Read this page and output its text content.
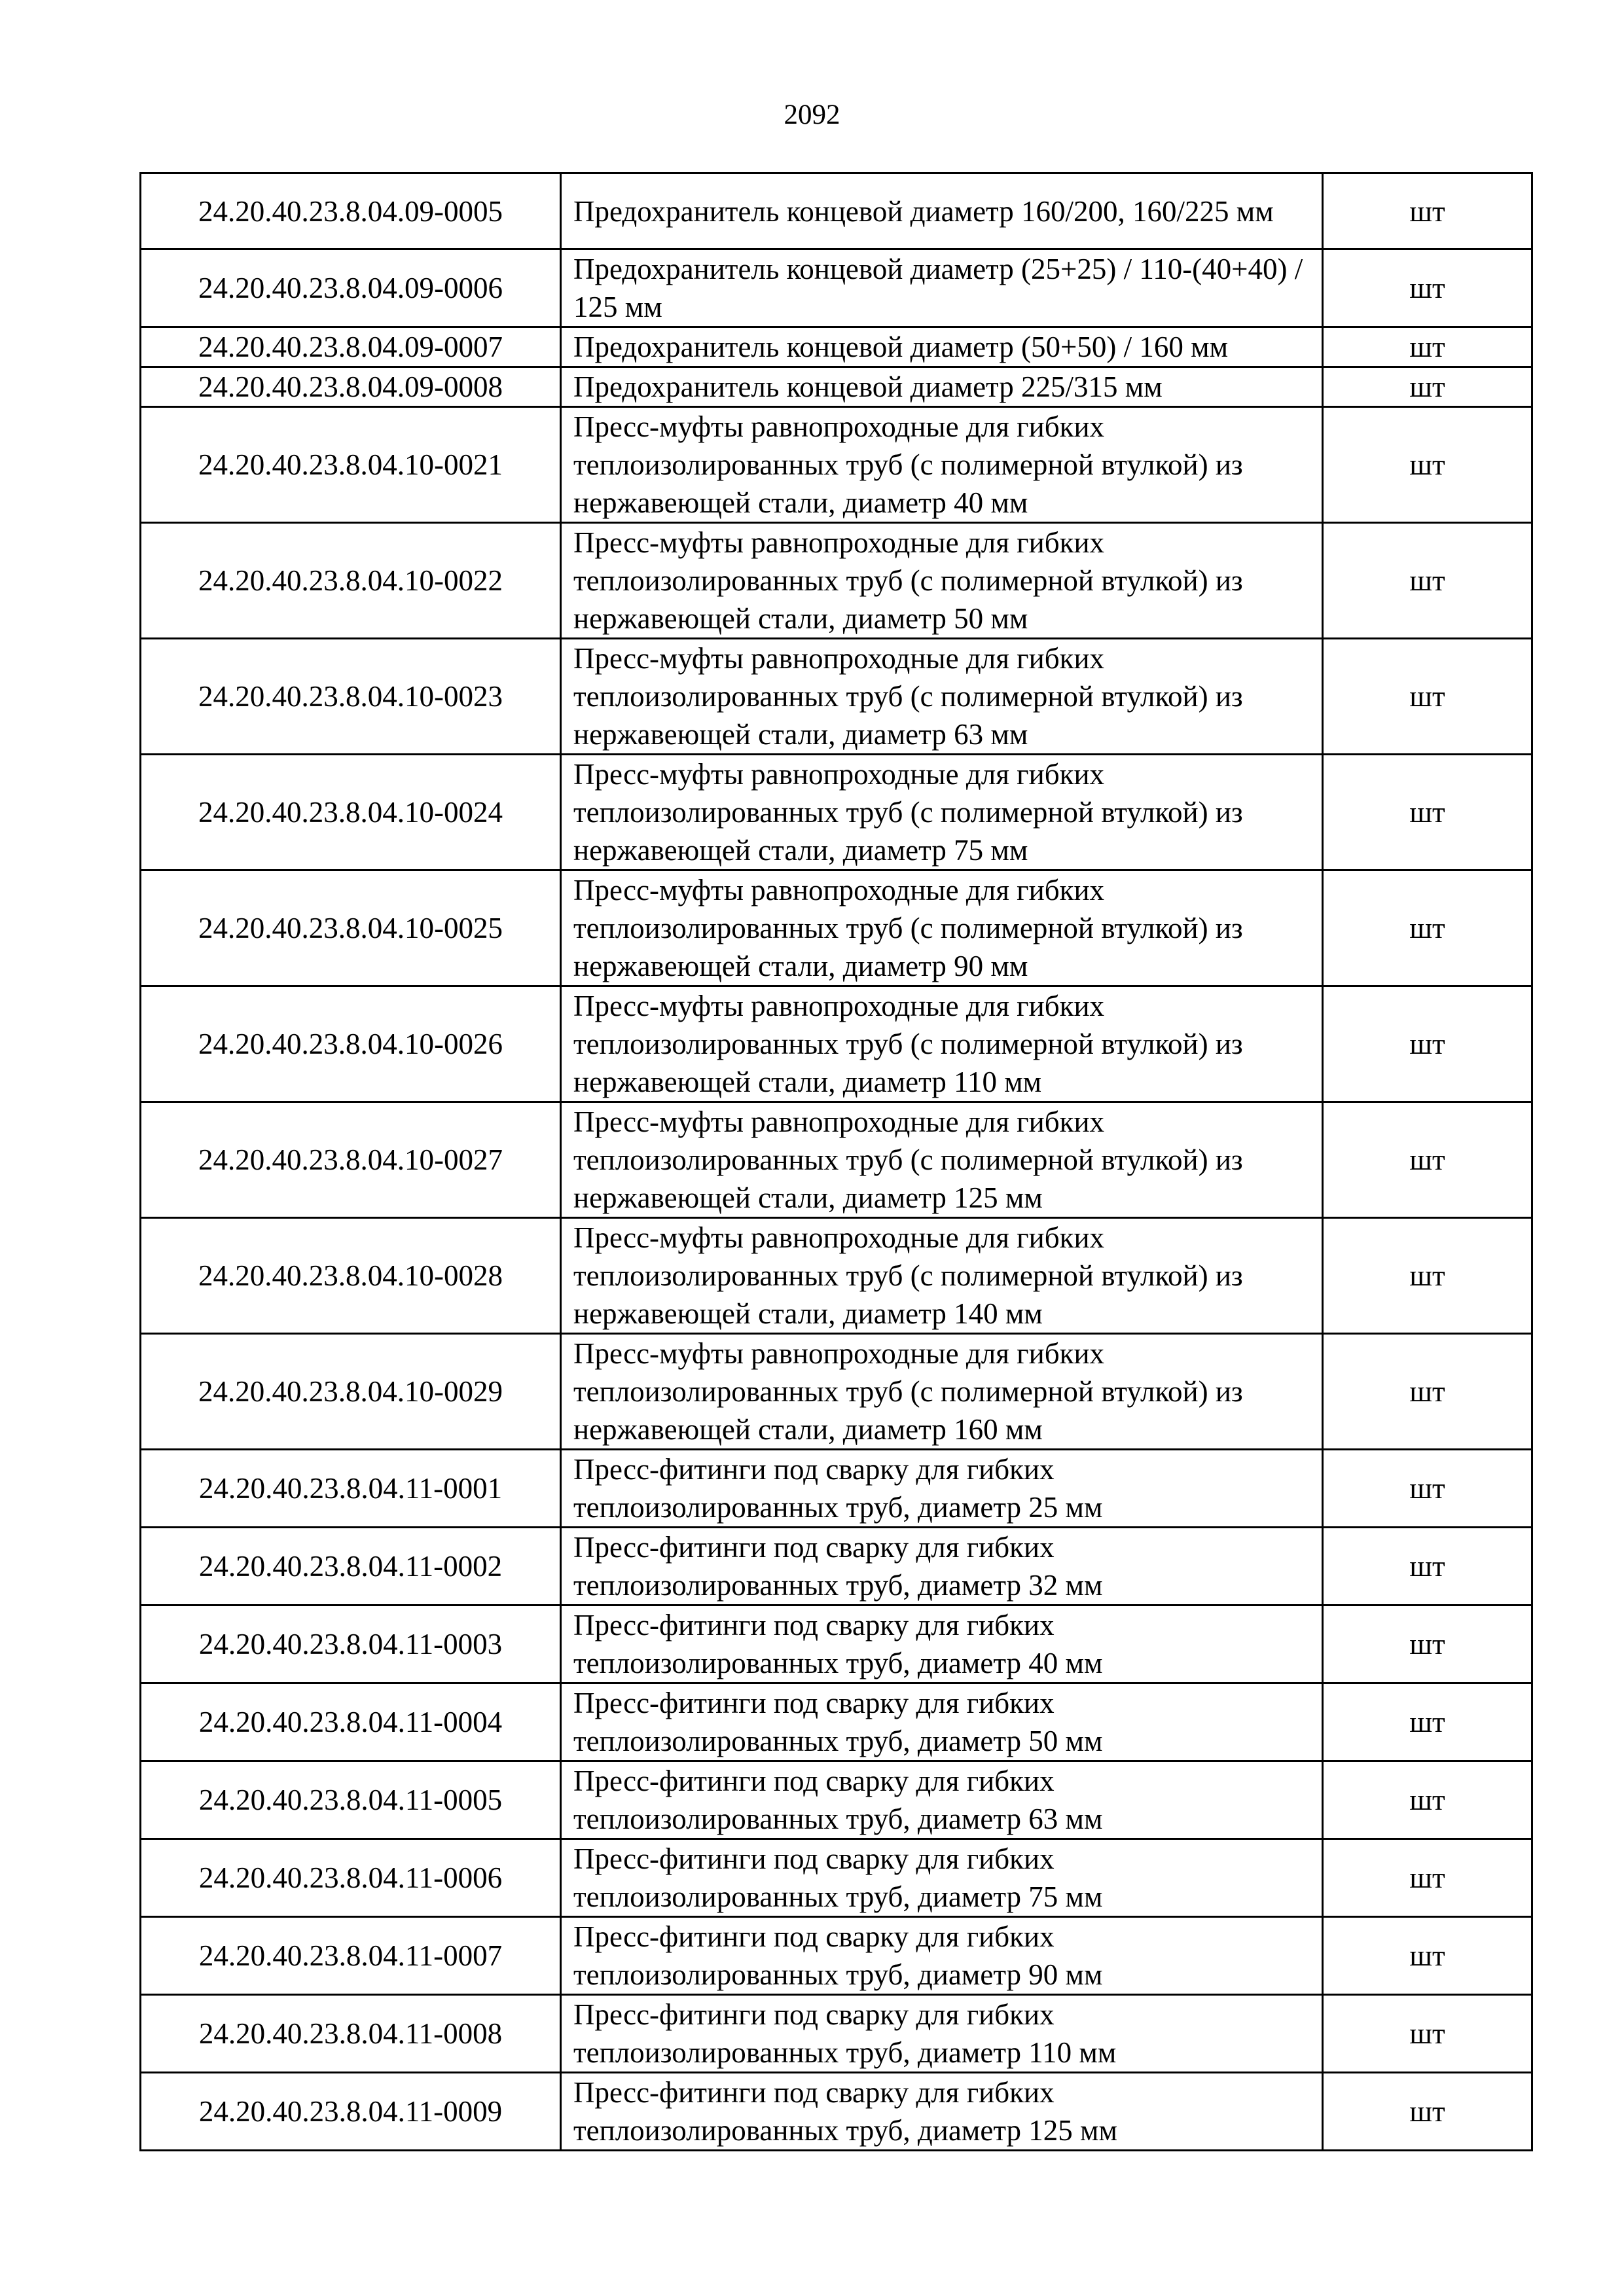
2092
24.20.40.23.8.04.09-0005	Предохранитель концевой диаметр 160/200, 160/225 мм	шт
24.20.40.23.8.04.09-0006	Предохранитель концевой диаметр (25+25) / 110-(40+40) / 125 мм	шт
24.20.40.23.8.04.09-0007	Предохранитель концевой диаметр (50+50) / 160 мм	шт
24.20.40.23.8.04.09-0008	Предохранитель концевой диаметр 225/315 мм	шт
24.20.40.23.8.04.10-0021	Пресс-муфты равнопроходные для гибких теплоизолированных труб (с полимерной втулкой) из нержавеющей стали, диаметр 40 мм	шт
24.20.40.23.8.04.10-0022	Пресс-муфты равнопроходные для гибких теплоизолированных труб (с полимерной втулкой) из нержавеющей стали, диаметр 50 мм	шт
24.20.40.23.8.04.10-0023	Пресс-муфты равнопроходные для гибких теплоизолированных труб (с полимерной втулкой) из нержавеющей стали, диаметр 63 мм	шт
24.20.40.23.8.04.10-0024	Пресс-муфты равнопроходные для гибких теплоизолированных труб (с полимерной втулкой) из нержавеющей стали, диаметр 75 мм	шт
24.20.40.23.8.04.10-0025	Пресс-муфты равнопроходные для гибких теплоизолированных труб (с полимерной втулкой) из нержавеющей стали, диаметр 90 мм	шт
24.20.40.23.8.04.10-0026	Пресс-муфты равнопроходные для гибких теплоизолированных труб (с полимерной втулкой) из нержавеющей стали, диаметр 110 мм	шт
24.20.40.23.8.04.10-0027	Пресс-муфты равнопроходные для гибких теплоизолированных труб (с полимерной втулкой) из нержавеющей стали, диаметр 125 мм	шт
24.20.40.23.8.04.10-0028	Пресс-муфты равнопроходные для гибких теплоизолированных труб (с полимерной втулкой) из нержавеющей стали, диаметр 140 мм	шт
24.20.40.23.8.04.10-0029	Пресс-муфты равнопроходные для гибких теплоизолированных труб (с полимерной втулкой) из нержавеющей стали, диаметр 160 мм	шт
24.20.40.23.8.04.11-0001	Пресс-фитинги под сварку для гибких теплоизолированных труб, диаметр 25 мм	шт
24.20.40.23.8.04.11-0002	Пресс-фитинги под сварку для гибких теплоизолированных труб, диаметр 32 мм	шт
24.20.40.23.8.04.11-0003	Пресс-фитинги под сварку для гибких теплоизолированных труб, диаметр 40 мм	шт
24.20.40.23.8.04.11-0004	Пресс-фитинги под сварку для гибких теплоизолированных труб, диаметр 50 мм	шт
24.20.40.23.8.04.11-0005	Пресс-фитинги под сварку для гибких теплоизолированных труб, диаметр 63 мм	шт
24.20.40.23.8.04.11-0006	Пресс-фитинги под сварку для гибких теплоизолированных труб, диаметр 75 мм	шт
24.20.40.23.8.04.11-0007	Пресс-фитинги под сварку для гибких теплоизолированных труб, диаметр 90 мм	шт
24.20.40.23.8.04.11-0008	Пресс-фитинги под сварку для гибких теплоизолированных труб, диаметр 110 мм	шт
24.20.40.23.8.04.11-0009	Пресс-фитинги под сварку для гибких теплоизолированных труб, диаметр 125 мм	шт
